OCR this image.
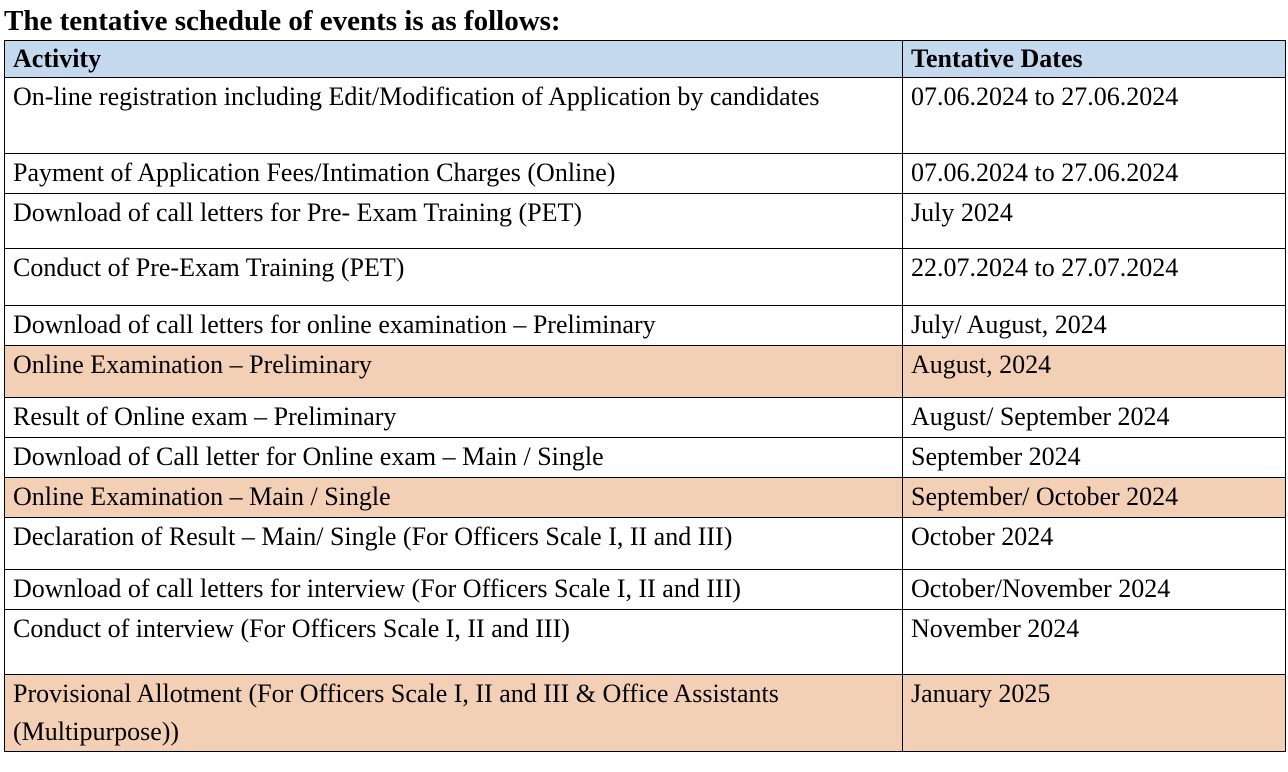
The tentative schedule of events is as follows:
Activity	Tentative Dates
On-line registration including Edit/Modification of Application by candidates	07.06.2024 to 27.06.2024
Payment of Application Fees/Intimation Charges (Online)	07.06.2024 to 27.06.2024
Download of call letters for Pre- Exam Training (PET)	July 2024
Conduct of Pre-Exam Training (PET)	22.07.2024 to 27.07.2024
Download of call letters for online examination – Preliminary	July/ August, 2024
Online Examination – Preliminary	August, 2024
Result of Online exam – Preliminary	August/ September 2024
Download of Call letter for Online exam – Main / Single	September 2024
Online Examination – Main / Single	September/ October 2024
Declaration of Result – Main/ Single (For Officers Scale I, II and III)	October 2024
Download of call letters for interview (For Officers Scale I, II and III)	October/November 2024
Conduct of interview (For Officers Scale I, II and III)	November 2024
Provisional Allotment (For Officers Scale I, II and III & Office Assistants (Multipurpose))	January 2025
